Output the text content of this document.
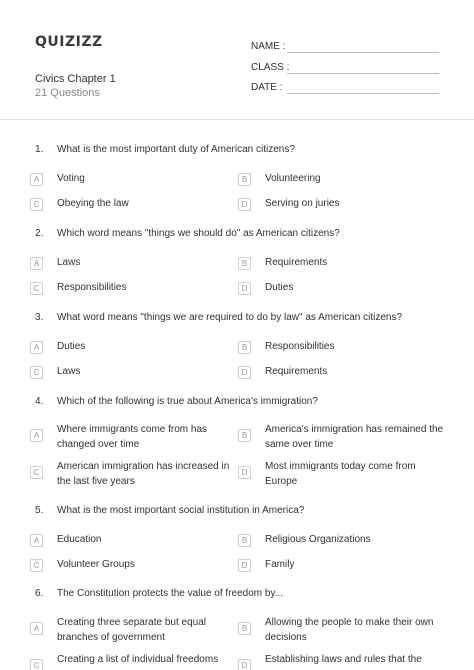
QUIZIZZ
Civics Chapter 1
21 Questions
NAME :
CLASS :
DATE :
1. What is the most important duty of American citizens?
A	Voting	B	Volunteering
C	Obeying the law	D	Serving on juries
2. Which word means "things we should do" as American citizens?
A	Laws	B	Requirements
C	Responsibilities	D	Duties
3. What word means "things we are required to do by law" as American citizens?
A	Duties	B	Responsibilities
C	Laws	D	Requirements
4. Which of the following is true about America's immigration?
A
Where immigrants come from has
changed over time
B
America's immigration has remained the
same over time
C
American immigration has increased in
the last five years
D
Most immigrants today come from
Europe
5. What is the most important social institution in America?
A	Education	B	Religious Organizations
C	Volunteer Groups	D	Family
6. The Constitution protects the value of freedom by...
A
Creating three separate but equal
branches of government
B
Allowing the people to make their own
decisions
C
Creating a list of individual freedoms
D
Establishing laws and rules that the
